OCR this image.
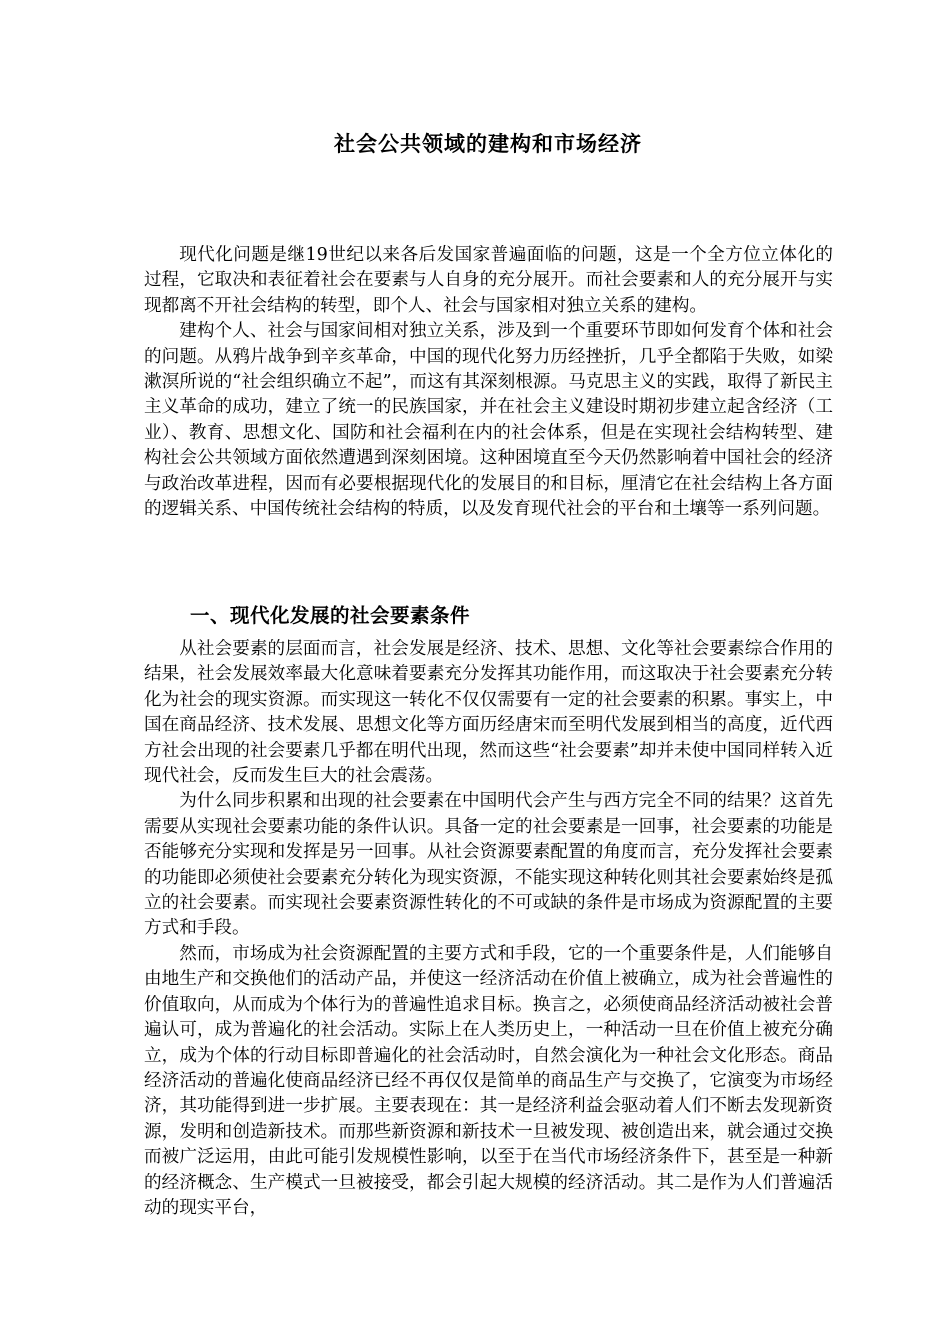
社会公共领域的建构和市场经济

现代化问题是继19世纪以来各后发国家普遍面临的问题，这是一个全方位立体化的过程，它取决和表征着社会在要素与人自身的充分展开。而社会要素和人的充分展开与实现都离不开社会结构的转型，即个人、社会与国家相对独立关系的建构。

建构个人、社会与国家间相对独立关系，涉及到一个重要环节即如何发育个体和社会的问题。从鸦片战争到辛亥革命，中国的现代化努力历经挫折，几乎全都陷于失败，如梁漱溟所说的“社会组织确立不起”，而这有其深刻根源。马克思主义的实践，取得了新民主主义革命的成功，建立了统一的民族国家，并在社会主义建设时期初步建立起含经济（工业）、教育、思想文化、国防和社会福利在内的社会体系，但是在实现社会结构转型、建构社会公共领域方面依然遭遇到深刻困境。这种困境直至今天仍然影响着中国社会的经济与政治改革进程，因而有必要根据现代化的发展目的和目标，厘清它在社会结构上各方面的逻辑关系、中国传统社会结构的特质，以及发育现代社会的平台和土壤等一系列问题。

一、现代化发展的社会要素条件

从社会要素的层面而言，社会发展是经济、技术、思想、文化等社会要素综合作用的结果，社会发展效率最大化意味着要素充分发挥其功能作用，而这取决于社会要素充分转化为社会的现实资源。而实现这一转化不仅仅需要有一定的社会要素的积累。事实上，中国在商品经济、技术发展、思想文化等方面历经唐宋而至明代发展到相当的高度，近代西方社会出现的社会要素几乎都在明代出现，然而这些“社会要素”却并未使中国同样转入近现代社会，反而发生巨大的社会震荡。

为什么同步积累和出现的社会要素在中国明代会产生与西方完全不同的结果？这首先需要从实现社会要素功能的条件认识。具备一定的社会要素是一回事，社会要素的功能是否能够充分实现和发挥是另一回事。从社会资源要素配置的角度而言，充分发挥社会要素的功能即必须使社会要素充分转化为现实资源，不能实现这种转化则其社会要素始终是孤立的社会要素。而实现社会要素资源性转化的不可或缺的条件是市场成为资源配置的主要方式和手段。

然而，市场成为社会资源配置的主要方式和手段，它的一个重要条件是，人们能够自由地生产和交换他们的活动产品，并使这一经济活动在价值上被确立，成为社会普遍性的价值取向，从而成为个体行为的普遍性追求目标。换言之，必须使商品经济活动被社会普遍认可，成为普遍化的社会活动。实际上在人类历史上，一种活动一旦在价值上被充分确立，成为个体的行动目标即普遍化的社会活动时，自然会演化为一种社会文化形态。商品经济活动的普遍化使商品经济已经不再仅仅是简单的商品生产与交换了，它演变为市场经济，其功能得到进一步扩展。主要表现在：其一是经济利益会驱动着人们不断去发现新资源，发明和创造新技术。而那些新资源和新技术一旦被发现、被创造出来，就会通过交换而被广泛运用，由此可能引发规模性影响，以至于在当代市场经济条件下，甚至是一种新的经济概念、生产模式一旦被接受，都会引起大规模的经济活动。其二是作为人们普遍活动的现实平台，
